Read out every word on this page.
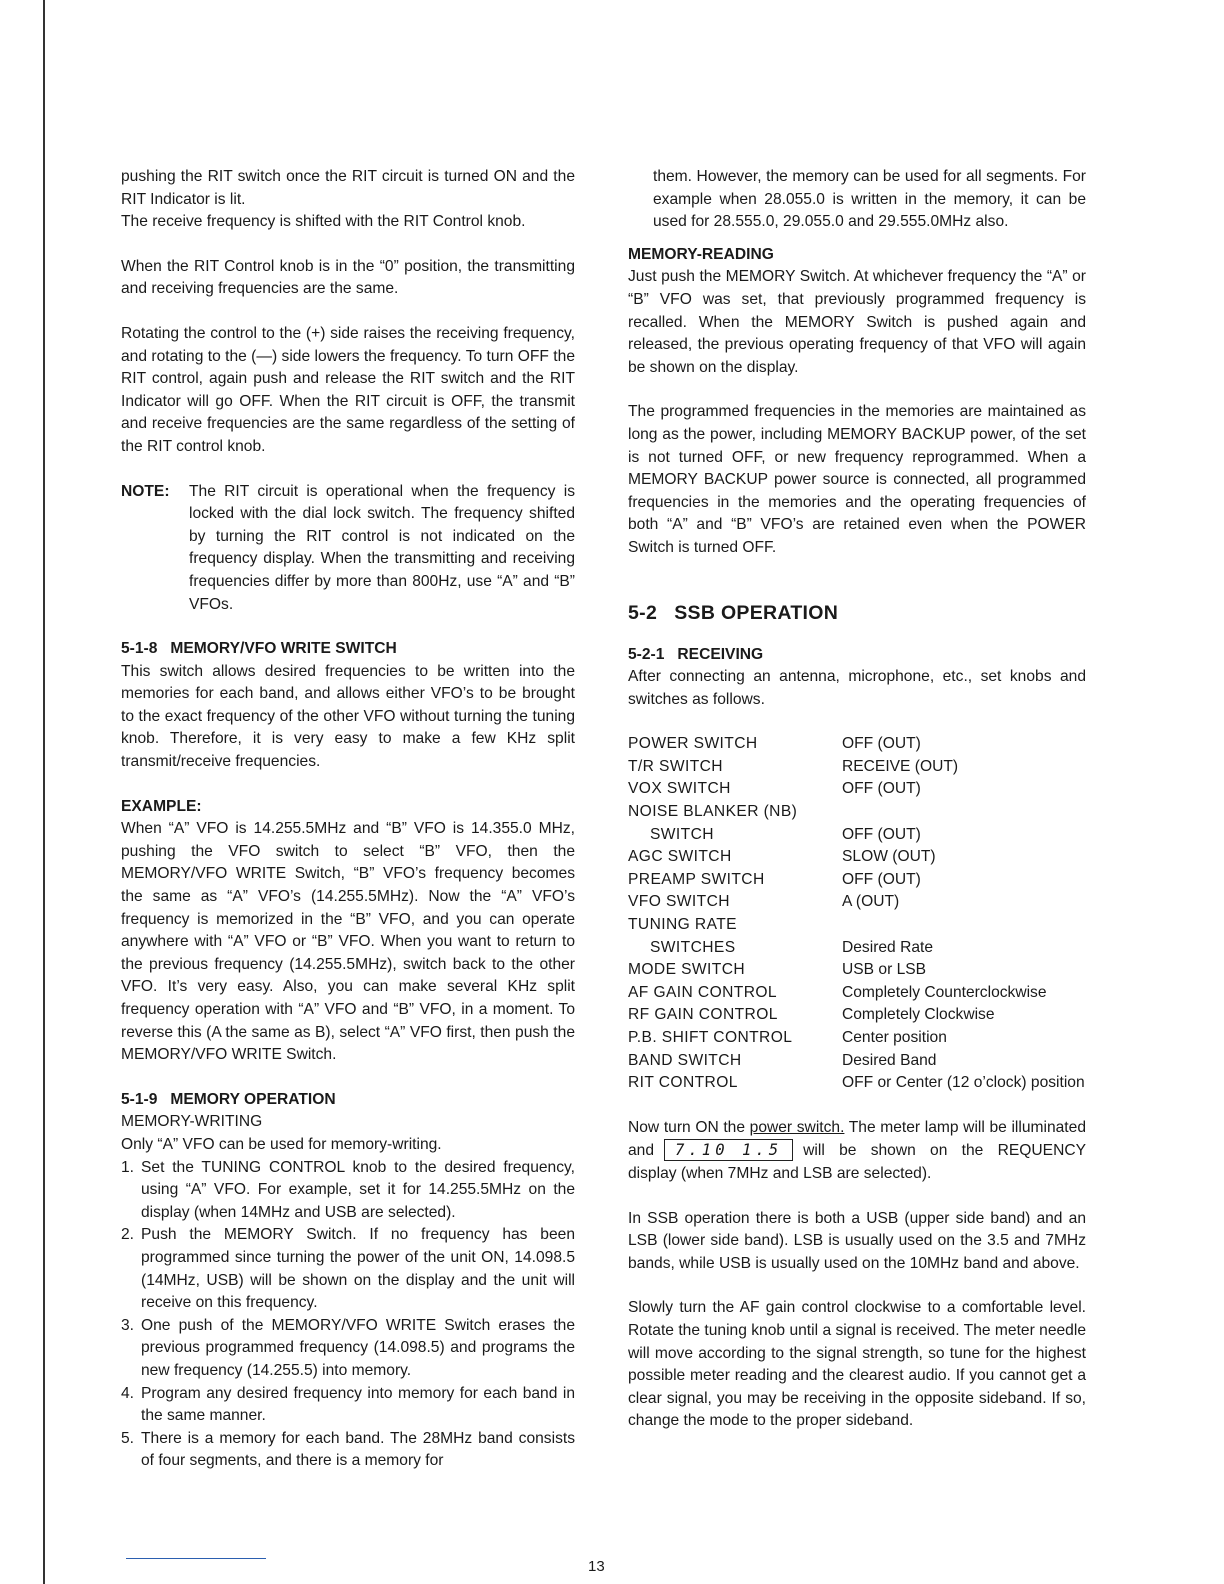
pushing the RIT switch once the RIT circuit is turned ON and the RIT Indicator is lit.

The receive frequency is shifted with the RIT Control knob.

When the RIT Control knob is in the “0” position, the transmitting and receiving frequencies are the same.

Rotating the control to the (+) side raises the receiving frequency, and rotating to the (—) side lowers the frequency. To turn OFF the RIT control, again push and release the RIT switch and the RIT Indicator will go OFF. When the RIT circuit is OFF, the transmit and receive frequencies are the same regardless of the setting of the RIT control knob.

NOTE:	The RIT circuit is operational when the frequency is locked with the dial lock switch. The frequency shifted by turning the RIT control is not indicated on the frequency display. When the transmitting and receiving frequencies differ by more than 800Hz, use “A” and “B” VFOs.
5-1-8   MEMORY/VFO WRITE SWITCH

This switch allows desired frequencies to be written into the memories for each band, and allows either VFO’s to be brought to the exact frequency of the other VFO without turning the tuning knob. Therefore, it is very easy to make a few KHz split transmit/receive frequencies.

EXAMPLE:

When “A” VFO is 14.255.5MHz and “B” VFO is 14.355.0 MHz, pushing the VFO switch to select “B” VFO, then the MEMORY/VFO WRITE Switch, “B” VFO’s frequency becomes the same as “A” VFO’s (14.255.5MHz). Now the “A” VFO’s frequency is memorized in the “B” VFO, and you can operate anywhere with “A” VFO or “B” VFO. When you want to return to the previous frequency (14.255.5MHz), switch back to the other VFO. It’s very easy. Also, you can make several KHz split frequency operation with “A” VFO and “B” VFO, in a moment. To reverse this (A the same as B), select “A” VFO first, then push the MEMORY/VFO WRITE Switch.

5-1-9   MEMORY OPERATION

MEMORY-WRITING

Only “A” VFO can be used for memory-writing.

1. Set the TUNING CONTROL knob to the desired frequency, using “A” VFO. For example, set it for 14.255.5MHz on the display (when 14MHz and USB are selected).
2. Push the MEMORY Switch. If no frequency has been programmed since turning the power of the unit ON, 14.098.5 (14MHz, USB) will be shown on the display and the unit will receive on this frequency.
3. One push of the MEMORY/VFO WRITE Switch erases the previous programmed frequency (14.098.5) and programs the new frequency (14.255.5) into memory.
4. Program any desired frequency into memory for each band in the same manner.
5. There is a memory for each band. The 28MHz band consists of four segments, and there is a memory for

them. However, the memory can be used for all segments. For example when 28.055.0 is written in the memory, it can be used for 28.555.0, 29.055.0 and 29.555.0MHz also.

MEMORY-READING

Just push the MEMORY Switch. At whichever frequency the “A” or “B” VFO was set, that previously programmed frequency is recalled. When the MEMORY Switch is pushed again and released, the previous operating frequency of that VFO will again be shown on the display.

The programmed frequencies in the memories are maintained as long as the power, including MEMORY BACKUP power, of the set is not turned OFF, or new frequency reprogrammed. When a MEMORY BACKUP power source is connected, all programmed frequencies in the memories and the operating frequencies of both “A” and “B” VFO’s are retained even when the POWER Switch is turned OFF.

5-2   SSB OPERATION
5-2-1   RECEIVING

After connecting an antenna, microphone, etc., set knobs and switches as follows.

POWER SWITCH	OFF (OUT)
T/R SWITCH	RECEIVE (OUT)
VOX SWITCH	OFF (OUT)
NOISE BLANKER (NB)	
SWITCH	OFF (OUT)
AGC SWITCH	SLOW (OUT)
PREAMP SWITCH	OFF (OUT)
VFO SWITCH	A (OUT)
TUNING RATE	
SWITCHES	Desired Rate
MODE SWITCH	USB or LSB
AF GAIN CONTROL	Completely Counterclockwise
RF GAIN CONTROL	Completely Clockwise
P.B. SHIFT CONTROL	Center position
BAND SWITCH	Desired Band
RIT CONTROL	OFF or Center (12 o’clock) position

Now turn ON the power switch. The meter lamp will be illuminated and 7.10 1.5 will be shown on the REQUENCY display (when 7MHz and LSB are selected).

In SSB operation there is both a USB (upper side band) and an LSB (lower side band). LSB is usually used on the 3.5 and 7MHz bands, while USB is usually used on the 10MHz band and above.

Slowly turn the AF gain control clockwise to a comfortable level. Rotate the tuning knob until a signal is received. The meter needle will move according to the signal strength, so tune for the highest possible meter reading and the clearest audio. If you cannot get a clear signal, you may be receiving in the opposite sideband. If so, change the mode to the proper sideband.

13
